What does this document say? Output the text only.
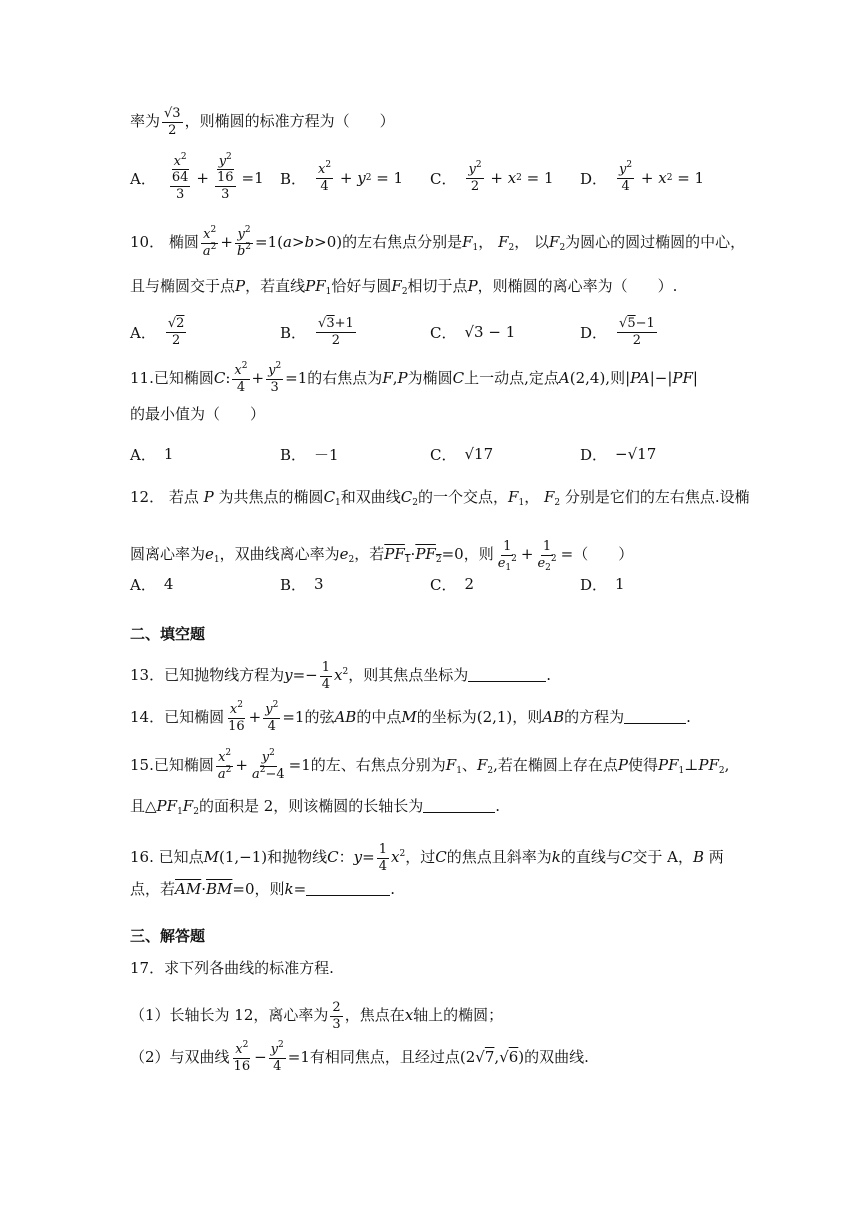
率为 $\frac{√3}{2}$ ，则椭圆的标准方程为（　　）
A． $\frac{x^2}{\frac{64}{3}} + \frac{y^2}{\frac{16}{3}} =1$ B． $\frac{x^2}{4} + y$ 2 = 1 C． $\frac{y^2}{2} + x$ 2 = 1 D． $\frac{y^2}{4} + x$ 2 = 1
10． 椭圆 $\frac{x^2}{a^2} + \frac{y^2}{b^2} =1(a>b>0)$的左右焦点分别是$F_1$， $F_2$， 以$F_2$为圆心的圆过椭圆的中心，
且与椭圆交于点P，若直线$PF_1$恰好与圆$F_2$相切于点P，则椭圆的离心率为（　　）.
A． $\frac{√2}{2}$	B． $\frac{√3+1}{2}$	C． √3 − 1	D． $\frac{√5-1}{2}$
11.已知椭圆C: $\frac{x^2}{4} + \frac{y^2}{3} =1$的右焦点为F,P为椭圆C上一动点,定点A(2,4),则|PA|−|PF|
的最小值为（　　）
A． 1	B． －1	C． √17	D． −√17
12． 若点 P 为共焦点的椭圆$C_1$和双曲线$C_2$的一个交点，$F_1$， $F_2$ 分别是它们的左右焦点.设椭
圆离心率为$e_1$，双曲线离心率为$e_2$，若$PF_1\cdot PF_2=0$，则 $\frac{1}{e_1^2} + \frac{1}{e_2^2}$ =（　　）
A． 4	B． 3	C． 2	D． 1
二、填空题
13．已知抛物线方程为$y=- \frac{1}{4} x^2$，则其焦点坐标为	.
14．已知椭圆 $\frac{x^2}{16} + \frac{y^2}{4} =1$的弦AB的中点M的坐标为(2,1)，则AB的方程为	.
15.已知椭圆 $\frac{x^2}{a^2} + \frac{y^2}{a^2-4} =1$的左、右焦点分别为$F_1$、$F_2$,若在椭圆上存在点P使得$PF_1\perp PF_2$,
且$\triangle PF_1F_2$的面积是 2，则该椭圆的长轴长为	.
16. 已知点M(1,−1)和抛物线C：$y= \frac{1}{4} x^2$，过C的焦点且斜率为k的直线与C交于 A，B 两
点，若$\overline{AM}\cdot\overline{BM}=0$，则k=	.
三、解答题
17．求下列各曲线的标准方程.
（1）长轴长为 12，离心率为 $\frac{2}{3}$ ，焦点在x轴上的椭圆；
（2）与双曲线 $\frac{x^2}{16} - \frac{y^2}{4} =1$有相同焦点，且经过点(2√7,√6)的双曲线.
